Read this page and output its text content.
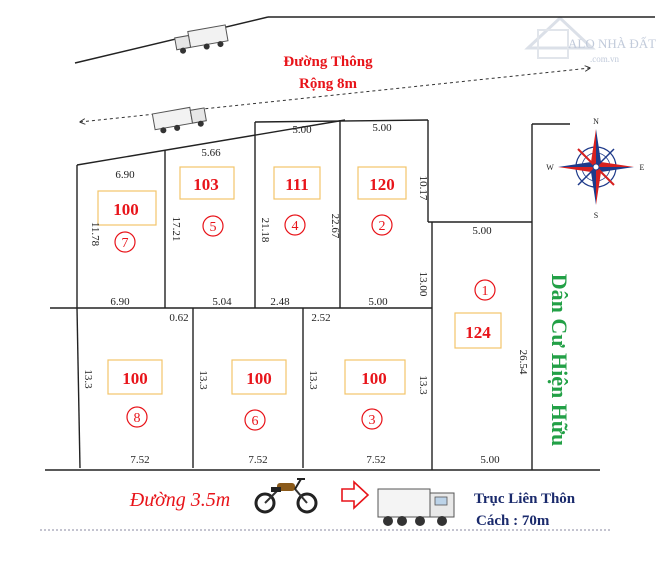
ALO NHÀ ĐẤT
.com.vn
Đường Thông
Rộng 8m
100
103	111	120
124
100	100	100
7
5	4	2
1
8	6	3
6.90
5.66
5.00	5.00
5.00
6.90	5.04	2.48	5.00
0.62	2.52
7.52	7.52	7.52	5.00
11.78	17.21	21.18	22.67
10.17
13.00
26.54
13.3	13.3	13.3	13.3	Dân Cư Hiện Hữu
N
S
E
W
Đường 3.5m	Trục Liên Thôn
Cách : 70m
